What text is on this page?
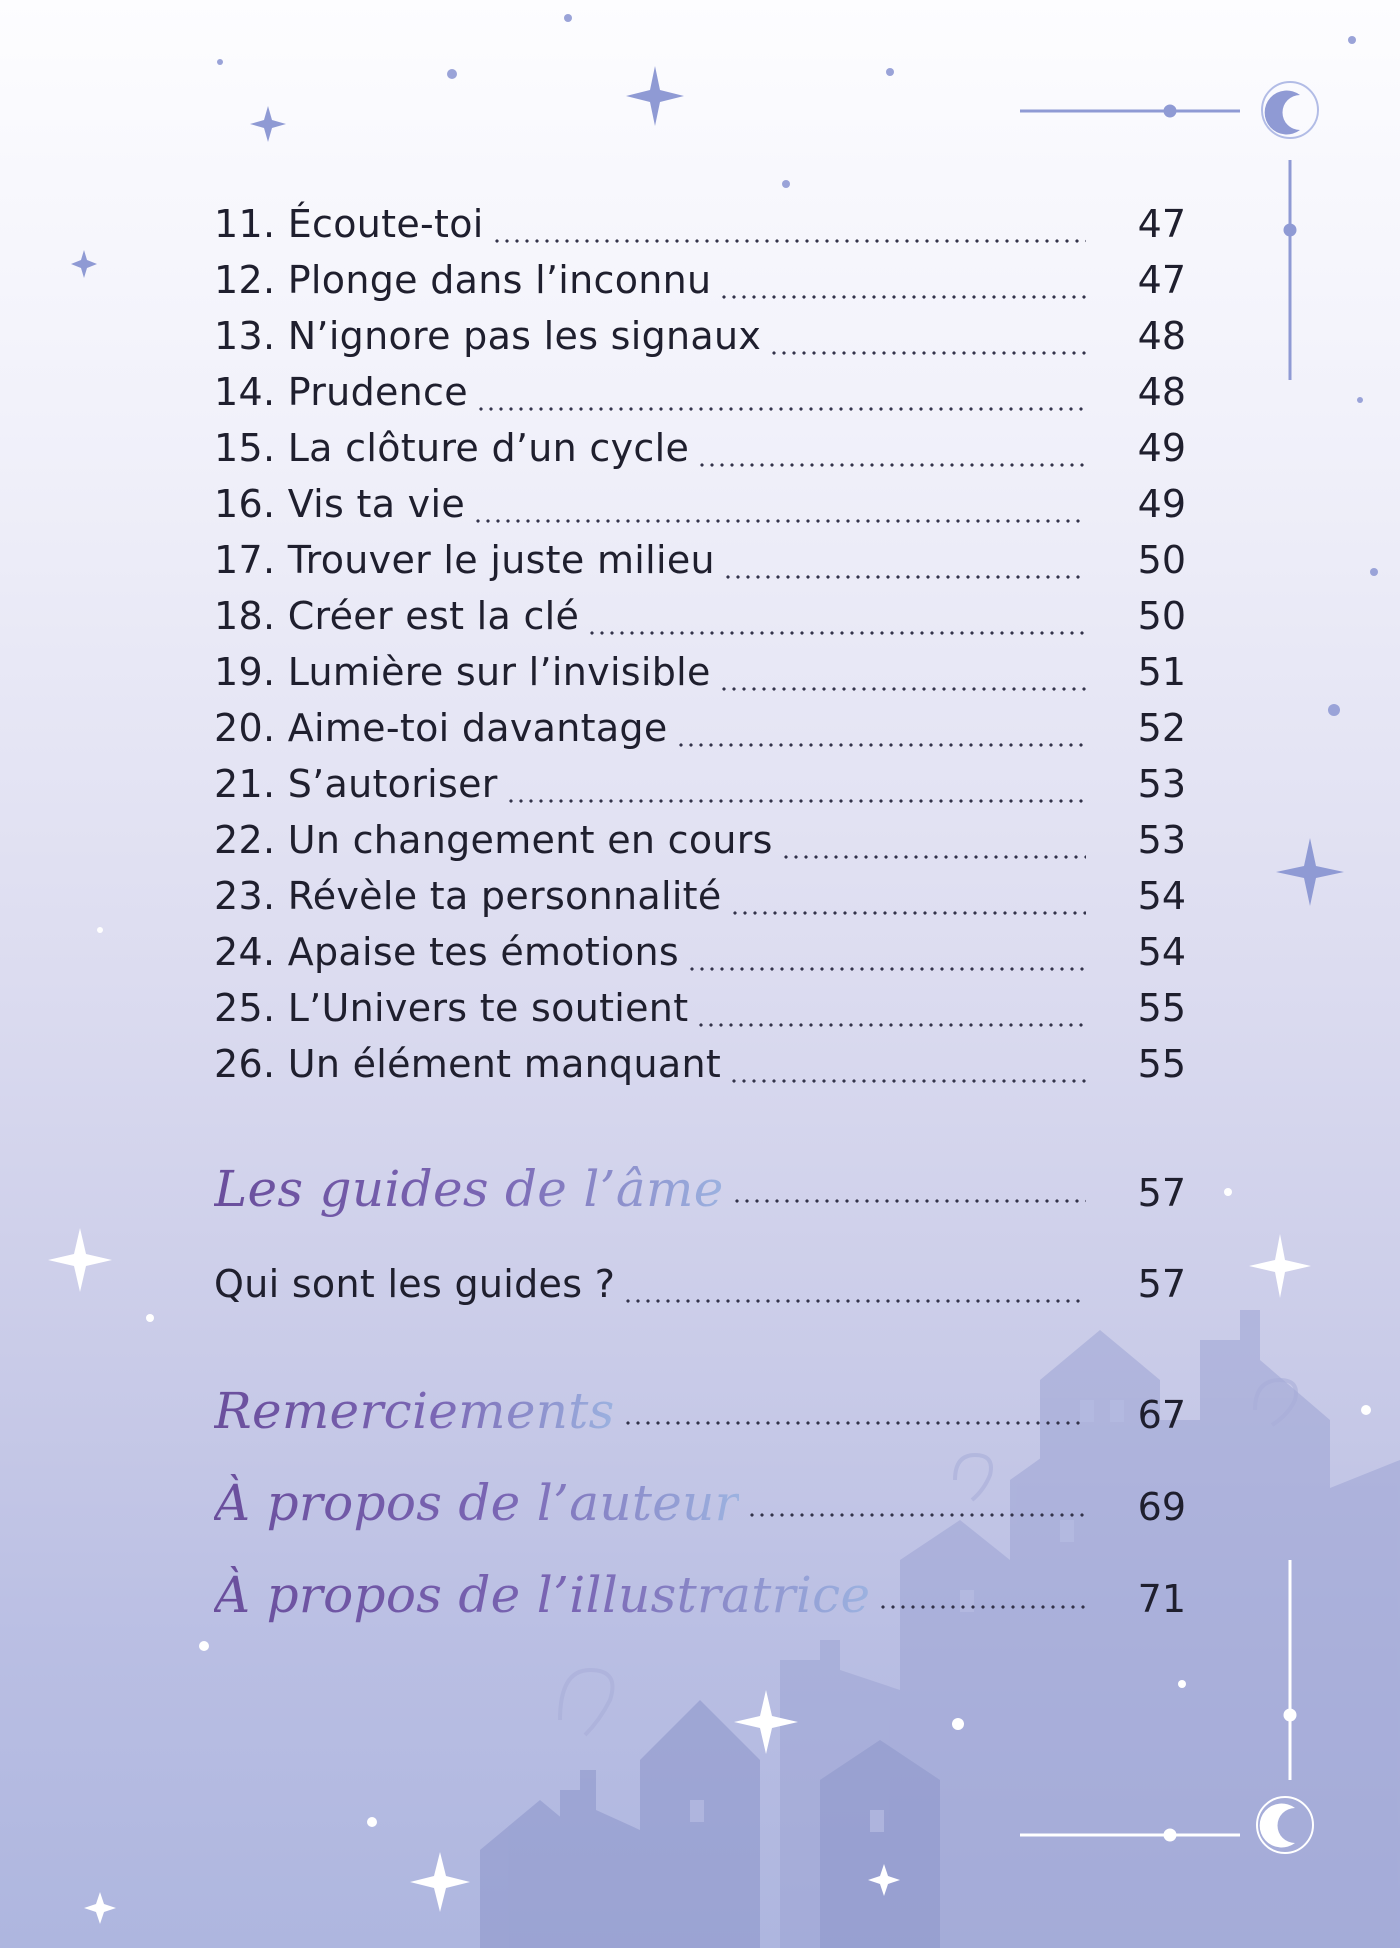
11. Écoute-toi	47
12. Plonge dans l’inconnu	47
13. N’ignore pas les signaux	48
14. Prudence	48
15. La clôture d’un cycle	49
16. Vis ta vie	49
17. Trouver le juste milieu	50
18. Créer est la clé	50
19. Lumière sur l’invisible	51
20. Aime-toi davantage	52
21. S’autoriser	53
22. Un changement en cours	53
23. Révèle ta personnalité	54
24. Apaise tes émotions	54
25. L’Univers te soutient	55
26. Un élément manquant	55
Les guides de l’âme	57
Qui sont les guides ?	57
Remerciements	67
À propos de l’auteur	69
À propos de l’illustratrice	71
